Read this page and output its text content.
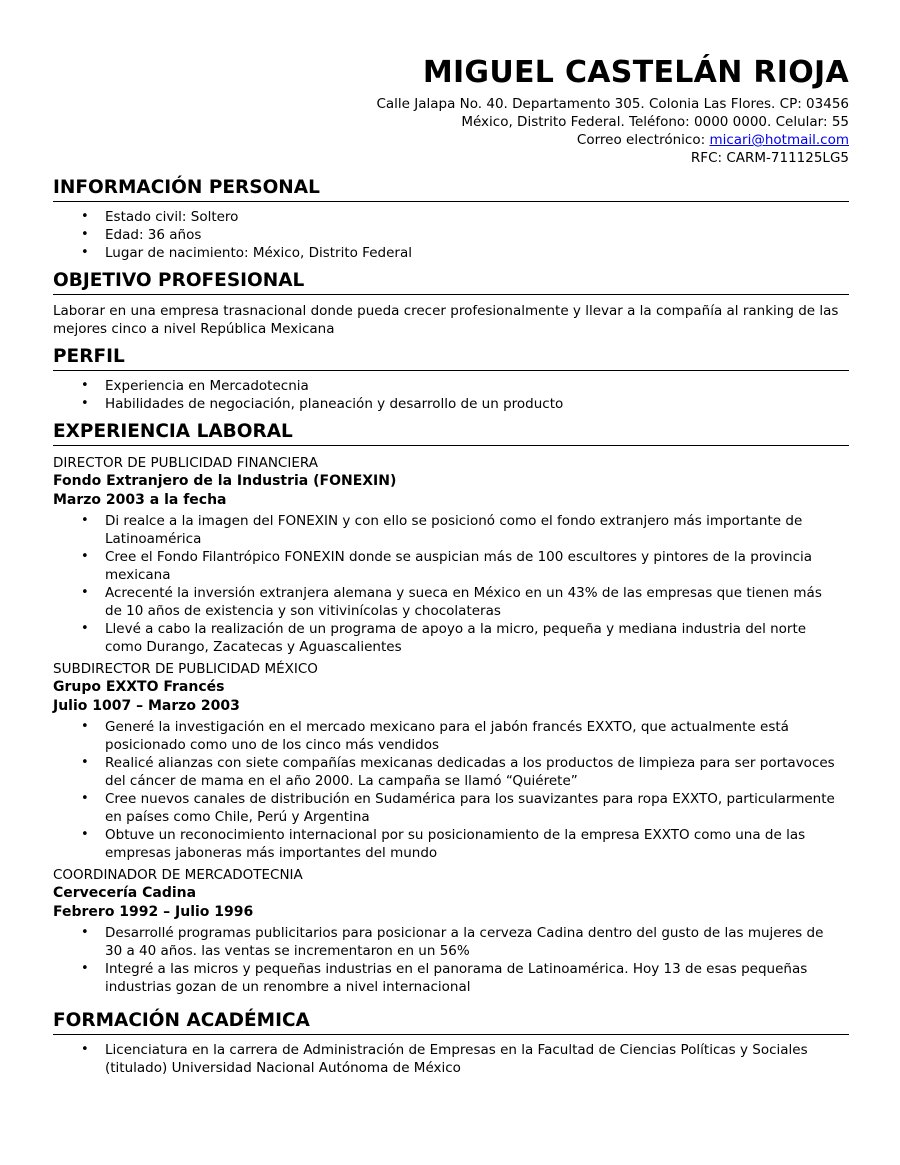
MIGUEL CASTELÁN RIOJA
Calle Jalapa No. 40. Departamento 305. Colonia Las Flores. CP: 03456
México, Distrito Federal. Teléfono: 0000 0000. Celular: 55
Correo electrónico: micari@hotmail.com
RFC: CARM-711125LG5
INFORMACIÓN PERSONAL
• Estado civil: Soltero
• Edad: 36 años
• Lugar de nacimiento: México, Distrito Federal
OBJETIVO PROFESIONAL

Laborar en una empresa trasnacional donde pueda crecer profesionalmente y llevar a la compañía al ranking de las mejores cinco a nivel República Mexicana

PERFIL
• Experiencia en Mercadotecnia
• Habilidades de negociación, planeación y desarrollo de un producto
EXPERIENCIA LABORAL
DIRECTOR DE PUBLICIDAD FINANCIERA
Fondo Extranjero de la Industria (FONEXIN)
Marzo 2003 a la fecha
• Di realce a la imagen del FONEXIN y con ello se posicionó como el fondo extranjero más importante de Latinoamérica
• Cree el Fondo Filantrópico FONEXIN donde se auspician más de 100 escultores y pintores de la provincia mexicana
• Acrecenté la inversión extranjera alemana y sueca en México en un 43% de las empresas que tienen más de 10 años de existencia y son vitivinícolas y chocolateras
• Llevé a cabo la realización de un programa de apoyo a la micro, pequeña y mediana industria del norte como Durango, Zacatecas y Aguascalientes
SUBDIRECTOR DE PUBLICIDAD MÉXICO
Grupo EXXTO Francés
Julio 1007 – Marzo 2003
• Generé la investigación en el mercado mexicano para el jabón francés EXXTO, que actualmente está posicionado como uno de los cinco más vendidos
• Realicé alianzas con siete compañías mexicanas dedicadas a los productos de limpieza para ser portavoces del cáncer de mama en el año 2000. La campaña se llamó “Quiérete”
• Cree nuevos canales de distribución en Sudamérica para los suavizantes para ropa EXXTO, particularmente en países como Chile, Perú y Argentina
• Obtuve un reconocimiento internacional por su posicionamiento de la empresa EXXTO como una de las empresas jaboneras más importantes del mundo
COORDINADOR DE MERCADOTECNIA
Cervecería Cadina
Febrero 1992 – Julio 1996
• Desarrollé programas publicitarios para posicionar a la cerveza Cadina dentro del gusto de las mujeres de 30 a 40 años. las ventas se incrementaron en un 56%
• Integré a las micros y pequeñas industrias en el panorama de Latinoamérica. Hoy 13 de esas pequeñas industrias gozan de un renombre a nivel internacional
FORMACIÓN ACADÉMICA
• Licenciatura en la carrera de Administración de Empresas en la Facultad de Ciencias Políticas y Sociales (titulado) Universidad Nacional Autónoma de México
